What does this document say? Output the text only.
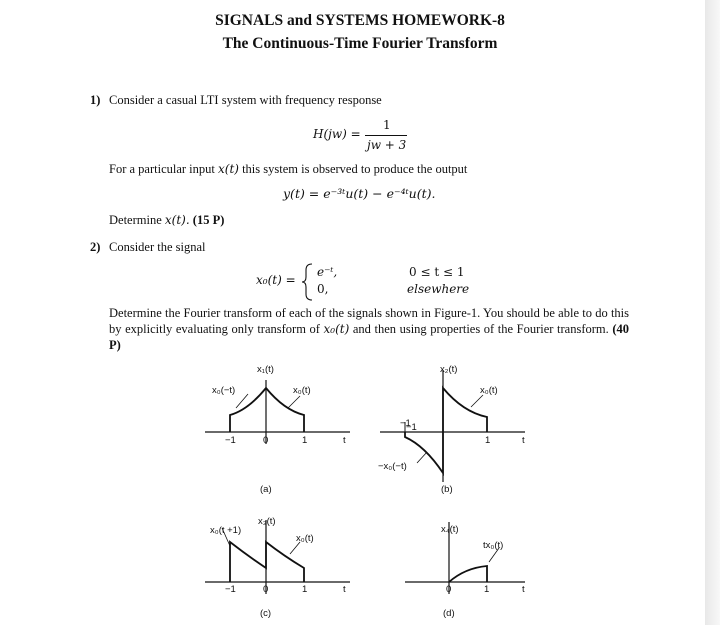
SIGNALS and SYSTEMS HOMEWORK-8
The Continuous-Time Fourier Transform
1) Consider a casual LTI system with frequency response
H(jw) =
1
jw + 3
For a particular input x(t) this system is observed to produce the output
y(t) = e⁻³ᵗu(t) − e⁻⁴ᵗu(t).
Determine x(t). (15 P)
2) Consider the signal
x₀(t) =
e⁻ᵗ,	0 ≤ t ≤ 1
0,	elsewhere
Determine the Fourier transform of each of the signals shown in Figure-1. You should be able to do this by explicitly evaluating only transform of x₀(t) and then using properties of the Fourier transform. (40 P)
x₁(t)
x₀(−t)	x₀(t)
−1	0	1	t
(a)
x₂(t)
x₀(t)
−1
−1
1	t
−x₀(−t)
(b)
x₃(t)
x₀(t +1)
x₀(t)
−1	0	1	t
(c)
x₄(t)
tx₀(t)
0	1	t
(d)
